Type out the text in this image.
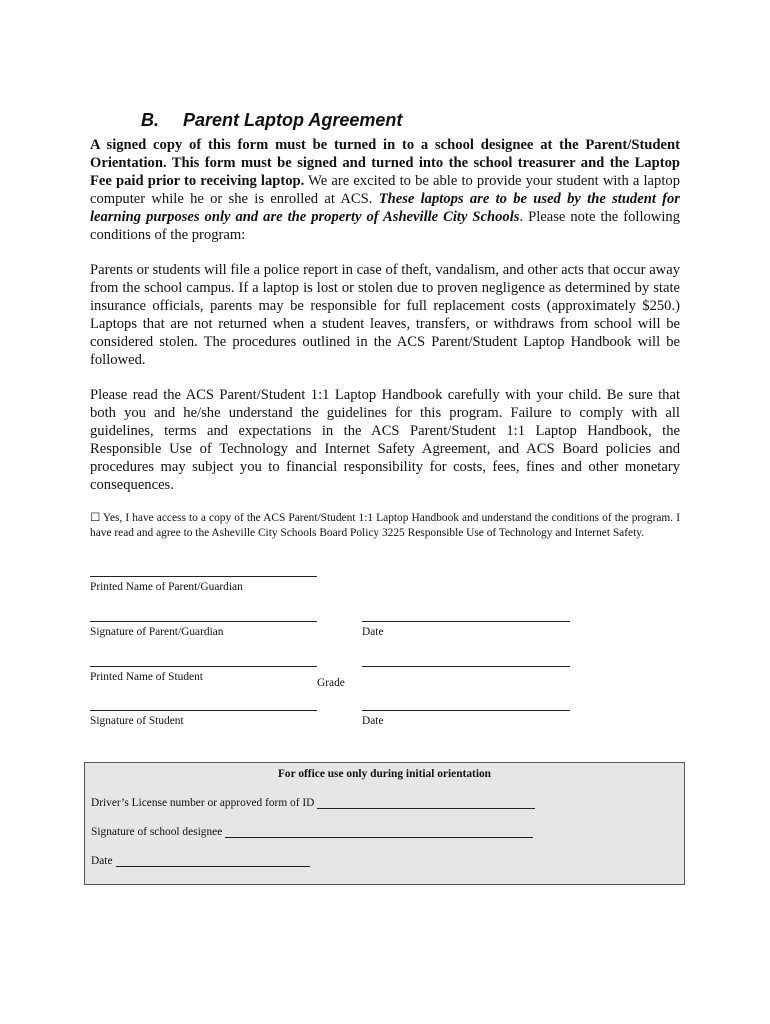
B. Parent Laptop Agreement

A signed copy of this form must be turned in to a school designee at the Parent/Student Orientation. This form must be signed and turned into the school treasurer and the Laptop Fee paid prior to receiving laptop. We are excited to be able to provide your student with a laptop computer while he or she is enrolled at ACS. These laptops are to be used by the student for learning purposes only and are the property of Asheville City Schools. Please note the following conditions of the program:

Parents or students will file a police report in case of theft, vandalism, and other acts that occur away from the school campus. If a laptop is lost or stolen due to proven negligence as determined by state insurance officials, parents may be responsible for full replacement costs (approximately $250.) Laptops that are not returned when a student leaves, transfers, or withdraws from school will be considered stolen. The procedures outlined in the ACS Parent/Student Laptop Handbook will be followed.

Please read the ACS Parent/Student 1:1 Laptop Handbook carefully with your child. Be sure that both you and he/she understand the guidelines for this program. Failure to comply with all guidelines, terms and expectations in the ACS Parent/Student 1:1 Laptop Handbook, the Responsible Use of Technology and Internet Safety Agreement, and ACS Board policies and procedures may subject you to financial responsibility for costs, fees, fines and other monetary consequences.

☐ Yes, I have access to a copy of the ACS Parent/Student 1:1 Laptop Handbook and understand the conditions of the program. I have read and agree to the Asheville City Schools Board Policy 3225 Responsible Use of Technology and Internet Safety.

Printed Name of Parent/Guardian
Signature of Parent/Guardian	Date
Printed Name of Student	Grade
Signature of Student	Date
For office use only during initial orientation
Driver’s License number or approved form of ID
Signature of school designee
Date
